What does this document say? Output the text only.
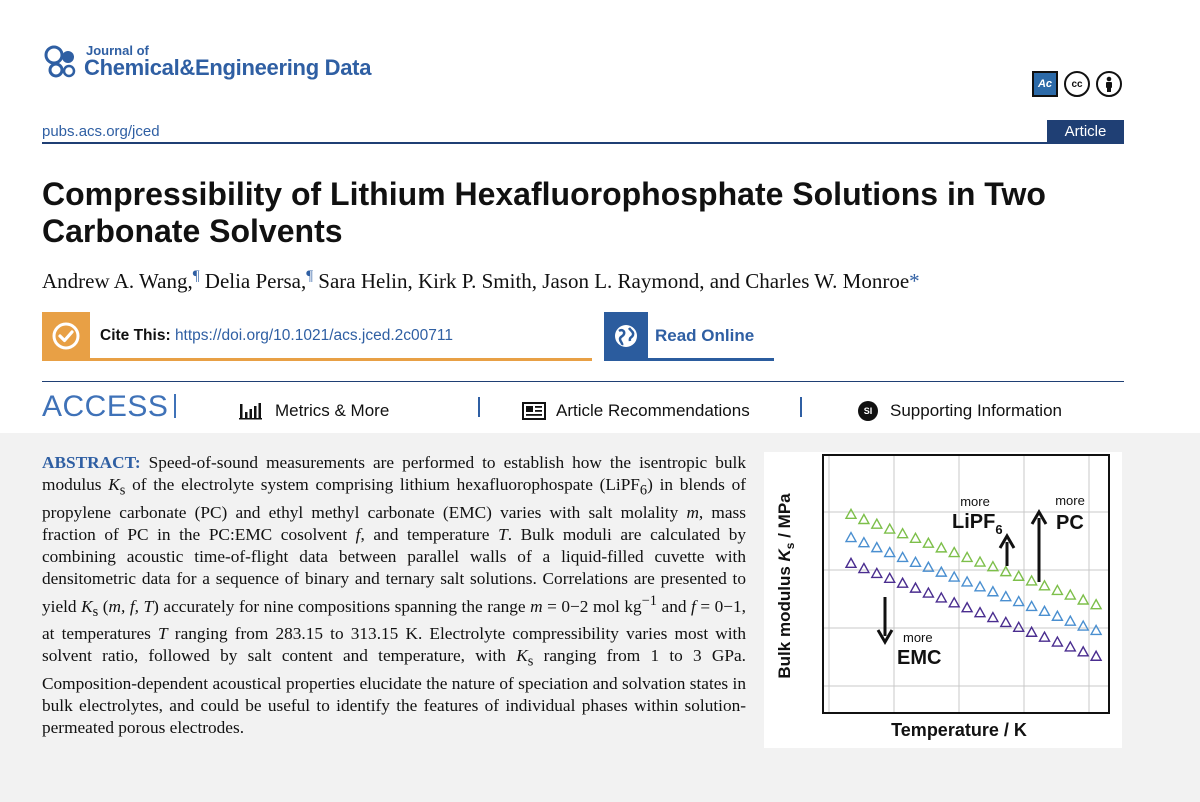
Journal of
Chemical&Engineering Data
Ac	cc
pubs.acs.org/jced	Article
Compressibility of Lithium Hexafluorophosphate Solutions in Two Carbonate Solvents
Andrew A. Wang,¶ Delia Persa,¶ Sara Helin, Kirk P. Smith, Jason L. Raymond, and Charles W. Monroe*
Cite This: https://doi.org/10.1021/acs.jced.2c00711	Read Online
ACCESS	Metrics & More	Article Recommendations	SI	Supporting Information

ABSTRACT: Speed-of-sound measurements are performed to establish how the isentropic bulk modulus $K_s$ of the electrolyte system comprising lithium hexafluorophospate (LiPF$_6$) in blends of propylene carbonate (PC) and ethyl methyl carbonate (EMC) varies with salt molality m, mass fraction of PC in the PC:EMC cosolvent f, and temperature T. Bulk moduli are calculated by combining acoustic time-of-flight data between parallel walls of a liquid-filled cuvette with densitometric data for a sequence of binary and ternary salt solutions. Correlations are presented to yield $K_s$ (m, f, T) accurately for nine compositions spanning the range m = 0−2 mol $kg^{-1}$ and f = 0−1, at temperatures T ranging from 283.15 to 313.15 K. Electrolyte compressibility varies most with solvent ratio, followed by salt content and temperature, with $K_s$ ranging from 1 to 3 GPa. Composition-dependent acoustical properties elucidate the nature of speciation and solvation states in bulk electrolytes, and could be useful to identify the features of individual phases within solution-permeated porous electrodes.

Bulk modulus $K_s$ / MPa
Temperature / K
more
LiPF$_6$
more
PC
more
EMC
